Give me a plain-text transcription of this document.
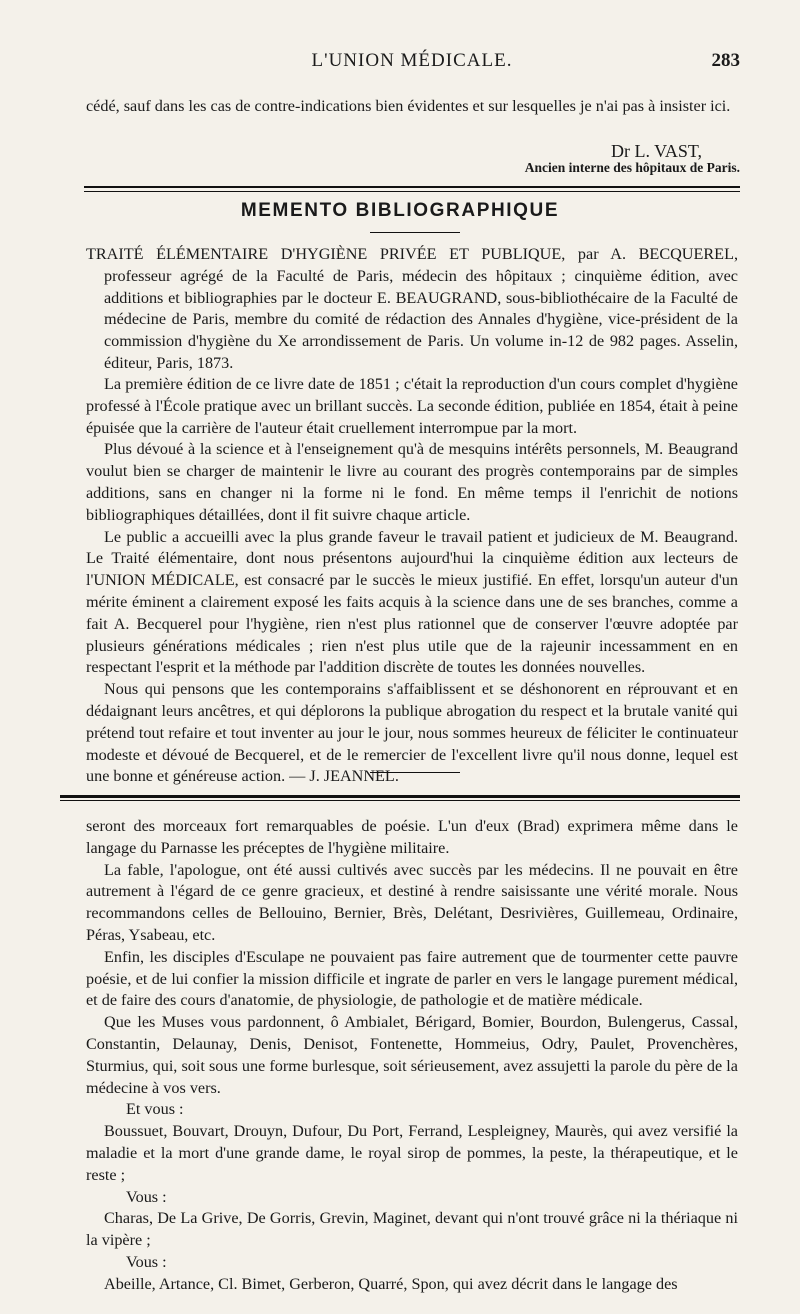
L'UNION MÉDICALE.	283

cédé, sauf dans les cas de contre-indications bien évidentes et sur lesquelles je n'ai pas à insister ici.

Dr L. VAST,
Ancien interne des hôpitaux de Paris.
MEMENTO BIBLIOGRAPHIQUE

TRAITÉ ÉLÉMENTAIRE D'HYGIÈNE PRIVÉE ET PUBLIQUE, par A. BECQUEREL, professeur agrégé de la Faculté de Paris, médecin des hôpitaux ; cinquième édition, avec additions et bibliographies par le docteur E. BEAUGRAND, sous-bibliothécaire de la Faculté de médecine de Paris, membre du comité de rédaction des Annales d'hygiène, vice-président de la commission d'hygiène du Xe arrondissement de Paris. Un volume in-12 de 982 pages. Asselin, éditeur, Paris, 1873.

La première édition de ce livre date de 1851 ; c'était la reproduction d'un cours complet d'hygiène professé à l'École pratique avec un brillant succès. La seconde édition, publiée en 1854, était à peine épuisée que la carrière de l'auteur était cruellement interrompue par la mort.

Plus dévoué à la science et à l'enseignement qu'à de mesquins intérêts personnels, M. Beaugrand voulut bien se charger de maintenir le livre au courant des progrès contemporains par de simples additions, sans en changer ni la forme ni le fond. En même temps il l'enrichit de notions bibliographiques détaillées, dont il fit suivre chaque article.

Le public a accueilli avec la plus grande faveur le travail patient et judicieux de M. Beaugrand. Le Traité élémentaire, dont nous présentons aujourd'hui la cinquième édition aux lecteurs de l'UNION MÉDICALE, est consacré par le succès le mieux justifié. En effet, lorsqu'un auteur d'un mérite éminent a clairement exposé les faits acquis à la science dans une de ses branches, comme a fait A. Becquerel pour l'hygiène, rien n'est plus rationnel que de conserver l'œuvre adoptée par plusieurs générations médicales ; rien n'est plus utile que de la rajeunir incessamment en en respectant l'esprit et la méthode par l'addition discrète de toutes les données nouvelles.

Nous qui pensons que les contemporains s'affaiblissent et se déshonorent en réprouvant et en dédaignant leurs ancêtres, et qui déplorons la publique abrogation du respect et la brutale vanité qui prétend tout refaire et tout inventer au jour le jour, nous sommes heureux de féliciter le continuateur modeste et dévoué de Becquerel, et de le remercier de l'excellent livre qu'il nous donne, lequel est une bonne et généreuse action. — J. JEANNEL.

seront des morceaux fort remarquables de poésie. L'un d'eux (Brad) exprimera même dans le langage du Parnasse les préceptes de l'hygiène militaire.

La fable, l'apologue, ont été aussi cultivés avec succès par les médecins. Il ne pouvait en être autrement à l'égard de ce genre gracieux, et destiné à rendre saisissante une vérité morale. Nous recommandons celles de Bellouino, Bernier, Brès, Delétant, Desrivières, Guillemeau, Ordinaire, Péras, Ysabeau, etc.

Enfin, les disciples d'Esculape ne pouvaient pas faire autrement que de tourmenter cette pauvre poésie, et de lui confier la mission difficile et ingrate de parler en vers le langage purement médical, et de faire des cours d'anatomie, de physiologie, de pathologie et de matière médicale.

Que les Muses vous pardonnent, ô Ambialet, Bérigard, Bomier, Bourdon, Bulengerus, Cassal, Constantin, Delaunay, Denis, Denisot, Fontenette, Hommeius, Odry, Paulet, Provenchères, Sturmius, qui, soit sous une forme burlesque, soit sérieusement, avez assujetti la parole du père de la médecine à vos vers.

Et vous :

Boussuet, Bouvart, Drouyn, Dufour, Du Port, Ferrand, Lespleigney, Maurès, qui avez versifié la maladie et la mort d'une grande dame, le royal sirop de pommes, la peste, la thérapeutique, et le reste ;

Vous :

Charas, De La Grive, De Gorris, Grevin, Maginet, devant qui n'ont trouvé grâce ni la thériaque ni la vipère ;

Vous :

Abeille, Artance, Cl. Bimet, Gerberon, Quarré, Spon, qui avez décrit dans le langage des
